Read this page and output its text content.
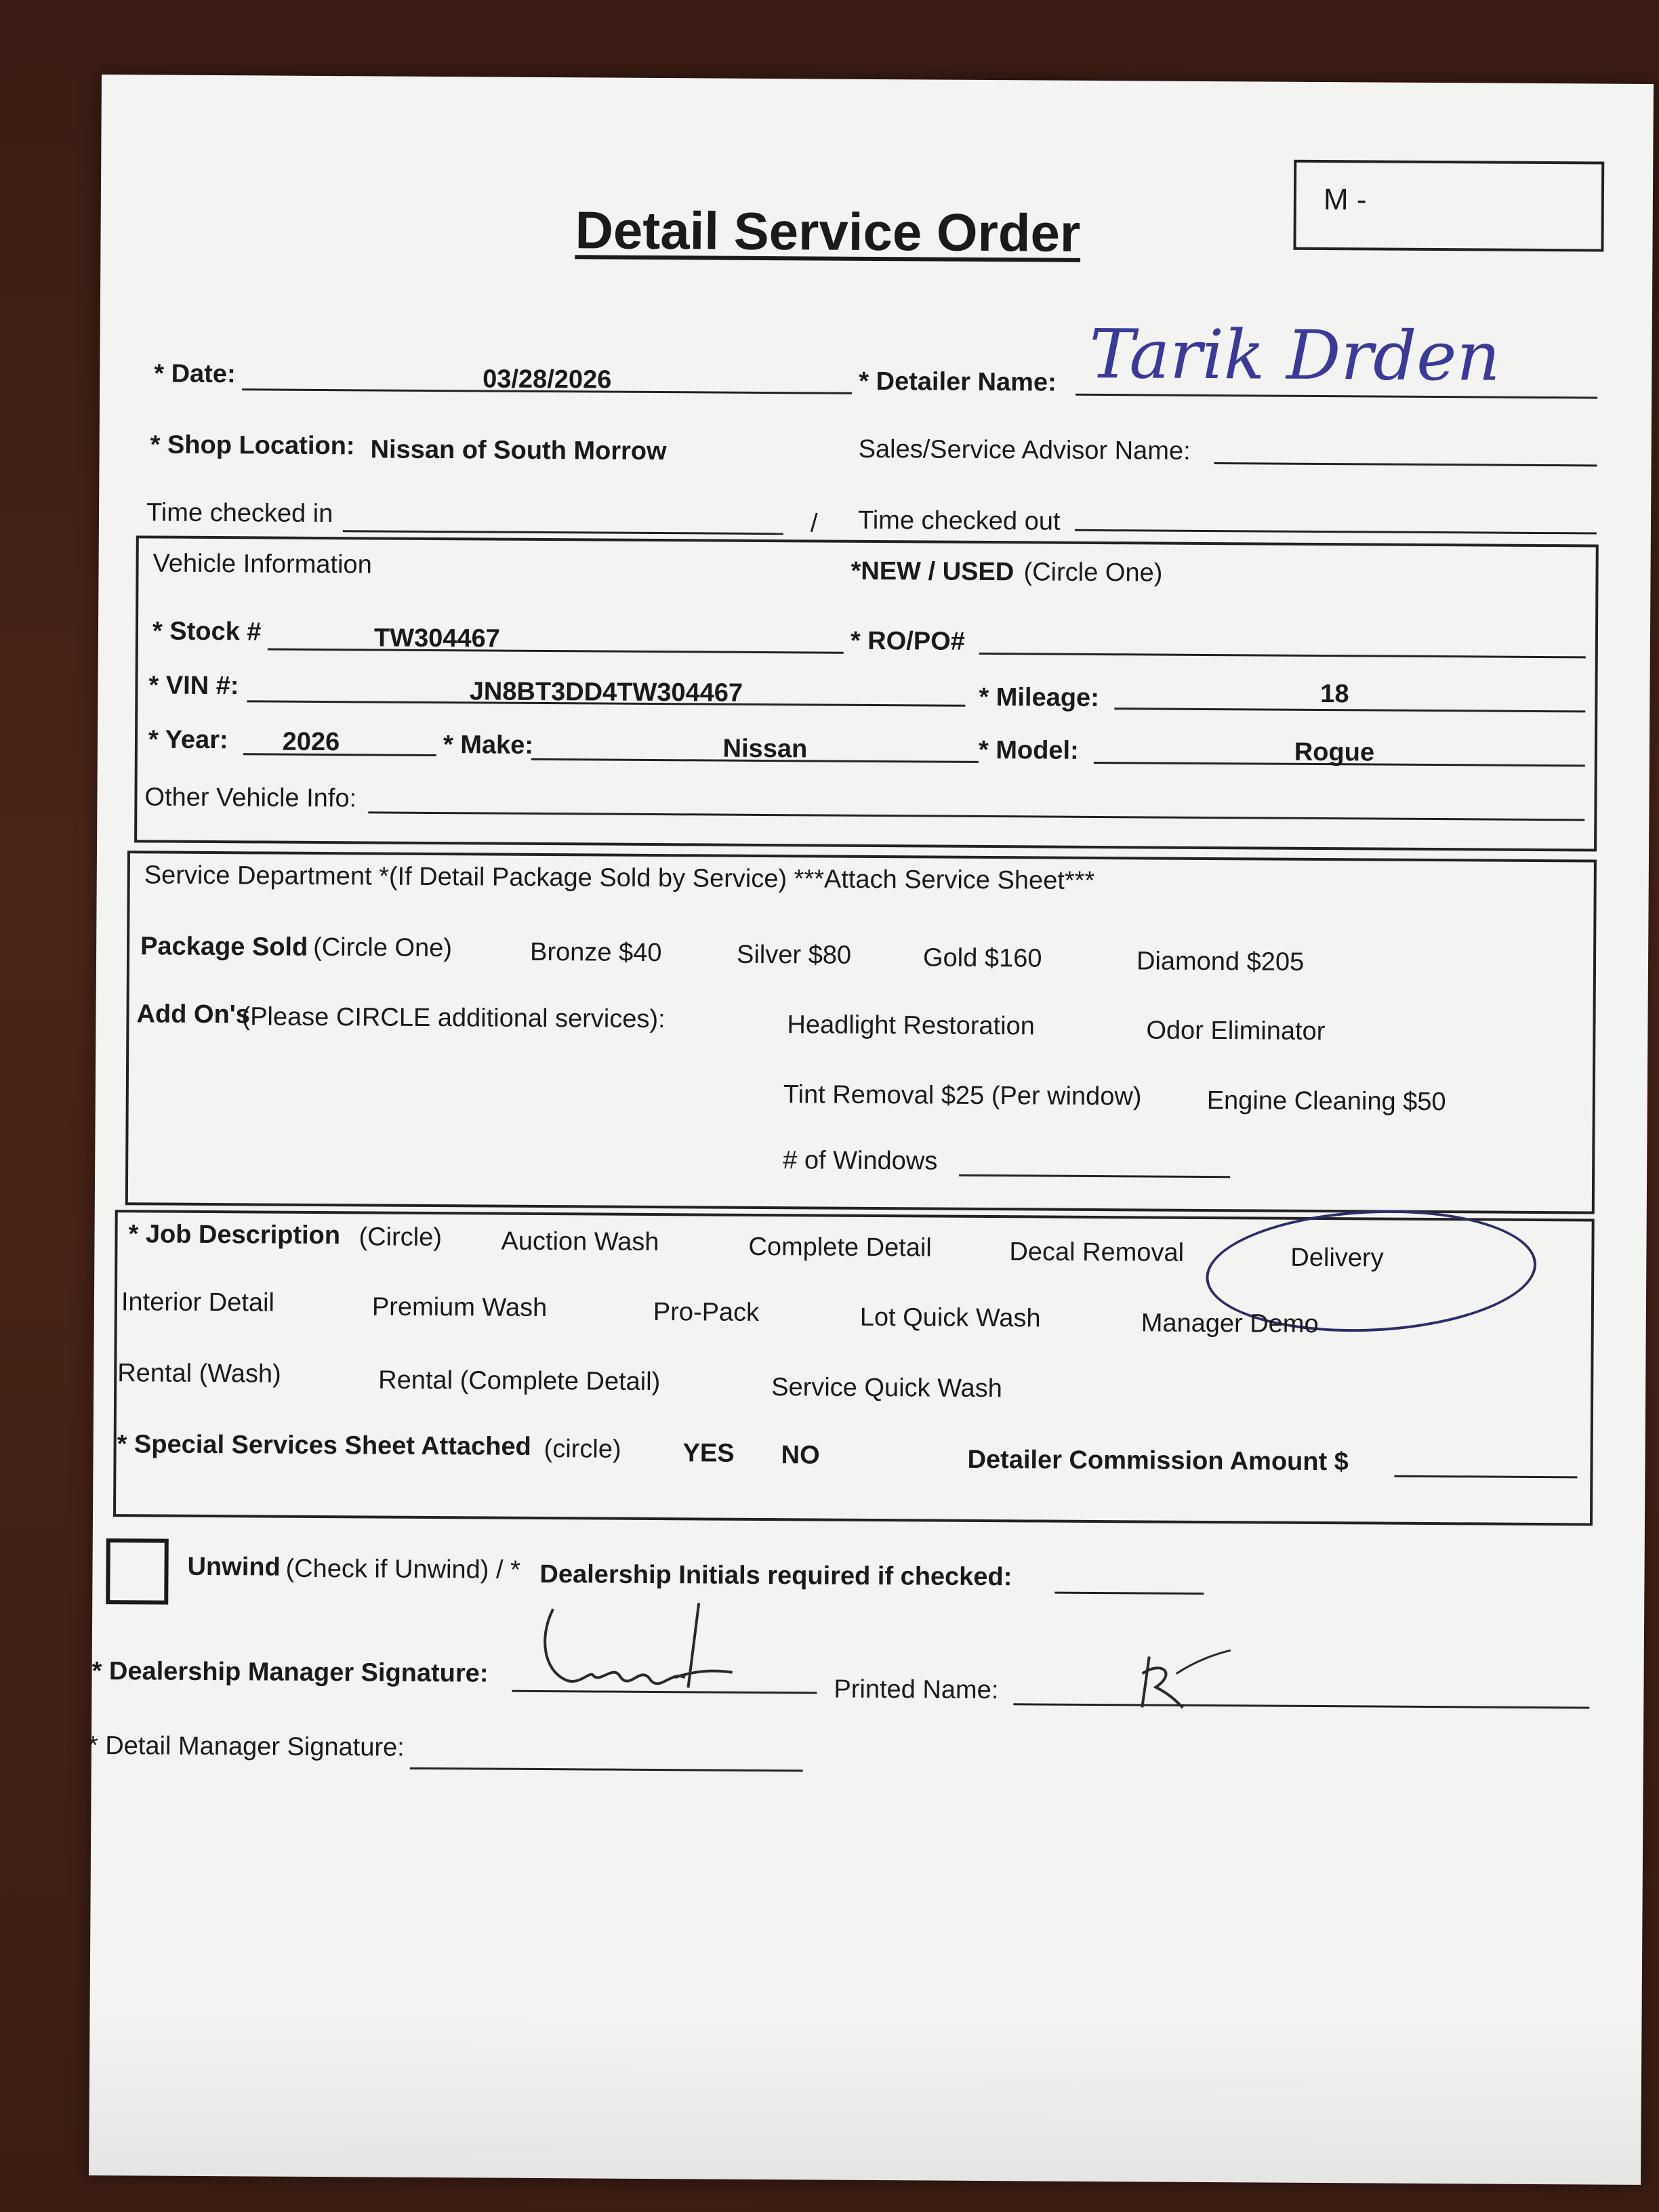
Detail Service Order
M -
* Date:	03/28/2026	* Detailer Name: Tarik Drden
* Shop Location: Nissan of South Morrow	Sales/Service Advisor Name:
Time checked in	/ Time checked out
Vehicle Information	*NEW / USED (Circle One)
* Stock #	TW304467	* RO/PO#
* VIN #:	JN8BT3DD4TW304467	* Mileage:	18
* Year:	2026	* Make:	Nissan	* Model:	Rogue
Other Vehicle Info:
Service Department *(If Detail Package Sold by Service) ***Attach Service Sheet***
Package Sold (Circle One)	Bronze $40	Silver $80	Gold $160	Diamond $205
Add On's
(Please CIRCLE additional services):	Headlight Restoration	Odor Eliminator
Tint Removal $25 (Per window)	Engine Cleaning $50
# of Windows
* Job Description (Circle) Auction Wash	Complete Detail	Decal Removal	Delivery
Interior Detail	Premium Wash	Pro-Pack	Lot Quick Wash	Manager Demo
Rental (Wash)	Rental (Complete Detail)	Service Quick Wash
* Special Services Sheet Attached (circle) YES NO	Detailer Commission Amount $
Unwind (Check if Unwind) / * Dealership Initials required if checked:
* Dealership Manager Signature:
Printed Name:
* Detail Manager Signature:
